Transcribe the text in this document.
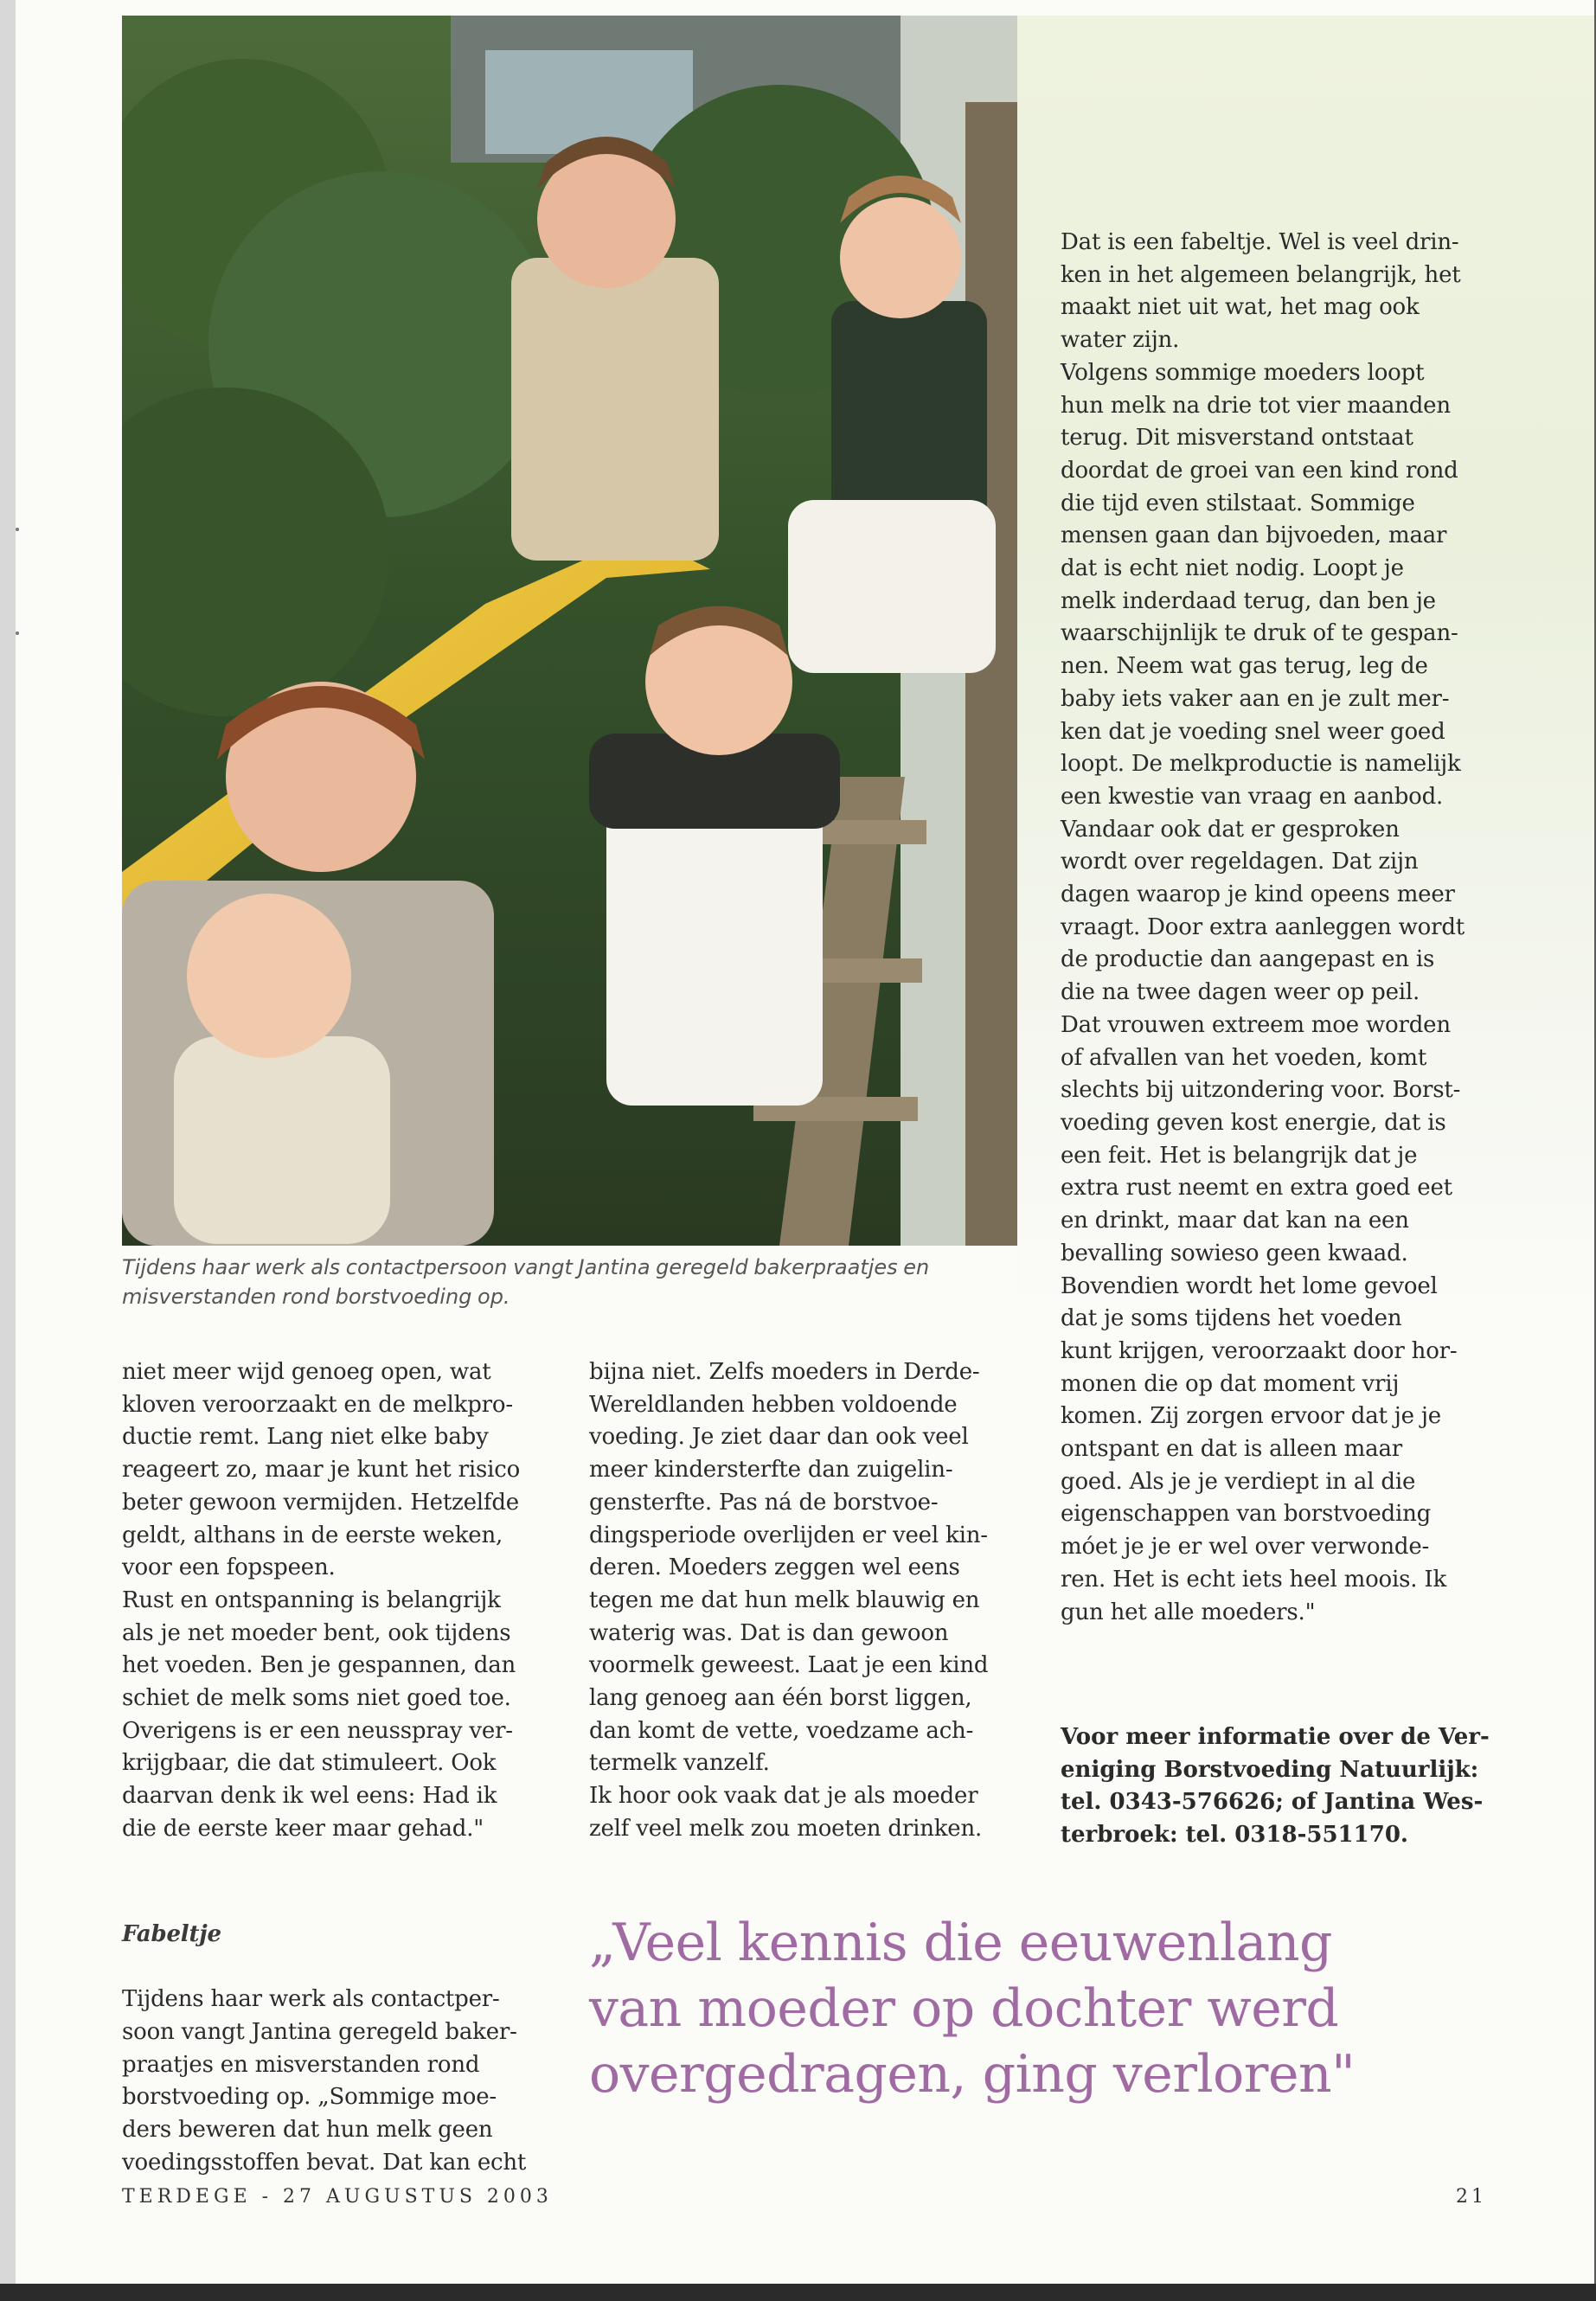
Tijdens haar werk als contactpersoon vangt Jantina geregeld bakerpraatjes en misverstanden rond borstvoeding op.
niet meer wijd genoeg open, wat
kloven veroorzaakt en de melkpro-
ductie remt. Lang niet elke baby
reageert zo, maar je kunt het risico
beter gewoon vermijden. Hetzelfde
geldt, althans in de eerste weken,
voor een fopspeen.
Rust en ontspanning is belangrijk
als je net moeder bent, ook tijdens
het voeden. Ben je gespannen, dan
schiet de melk soms niet goed toe.
Overigens is er een neusspray ver-
krijgbaar, die dat stimuleert. Ook
daarvan denk ik wel eens: Had ik
die de eerste keer maar gehad."
bijna niet. Zelfs moeders in Derde-
Wereldlanden hebben voldoende
voeding. Je ziet daar dan ook veel
meer kindersterfte dan zuigelin-
gensterfte. Pas ná de borstvoe-
dingsperiode overlijden er veel kin-
deren. Moeders zeggen wel eens
tegen me dat hun melk blauwig en
waterig was. Dat is dan gewoon
voormelk geweest. Laat je een kind
lang genoeg aan één borst liggen,
dan komt de vette, voedzame ach-
termelk vanzelf.
Ik hoor ook vaak dat je als moeder
zelf veel melk zou moeten drinken.
Dat is een fabeltje. Wel is veel drin-
ken in het algemeen belangrijk, het
maakt niet uit wat, het mag ook
water zijn.
Volgens sommige moeders loopt
hun melk na drie tot vier maanden
terug. Dit misverstand ontstaat
doordat de groei van een kind rond
die tijd even stilstaat. Sommige
mensen gaan dan bijvoeden, maar
dat is echt niet nodig. Loopt je
melk inderdaad terug, dan ben je
waarschijnlijk te druk of te gespan-
nen. Neem wat gas terug, leg de
baby iets vaker aan en je zult mer-
ken dat je voeding snel weer goed
loopt. De melkproductie is namelijk
een kwestie van vraag en aanbod.
Vandaar ook dat er gesproken
wordt over regeldagen. Dat zijn
dagen waarop je kind opeens meer
vraagt. Door extra aanleggen wordt
de productie dan aangepast en is
die na twee dagen weer op peil.
Dat vrouwen extreem moe worden
of afvallen van het voeden, komt
slechts bij uitzondering voor. Borst-
voeding geven kost energie, dat is
een feit. Het is belangrijk dat je
extra rust neemt en extra goed eet
en drinkt, maar dat kan na een
bevalling sowieso geen kwaad.
Bovendien wordt het lome gevoel
dat je soms tijdens het voeden
kunt krijgen, veroorzaakt door hor-
monen die op dat moment vrij
komen. Zij zorgen ervoor dat je je
ontspant en dat is alleen maar
goed. Als je je verdiept in al die
eigenschappen van borstvoeding
móet je je er wel over verwonde-
ren. Het is echt iets heel moois. Ik
gun het alle moeders."

Fabeltje

Tijdens haar werk als contactper-
soon vangt Jantina geregeld baker-
praatjes en misverstanden rond
borstvoeding op. „Sommige moe-
ders beweren dat hun melk geen
voedingsstoffen bevat. Dat kan echt

Voor meer informatie over de Ver-
eniging Borstvoeding Natuurlijk:
tel. 0343-576626; of Jantina Wes-
terbroek: tel. 0318-551170.
„Veel kennis die eeuwenlang
van moeder op dochter werd
overgedragen, ging verloren"
TERDEGE - 27 AUGUSTUS 2003	21
